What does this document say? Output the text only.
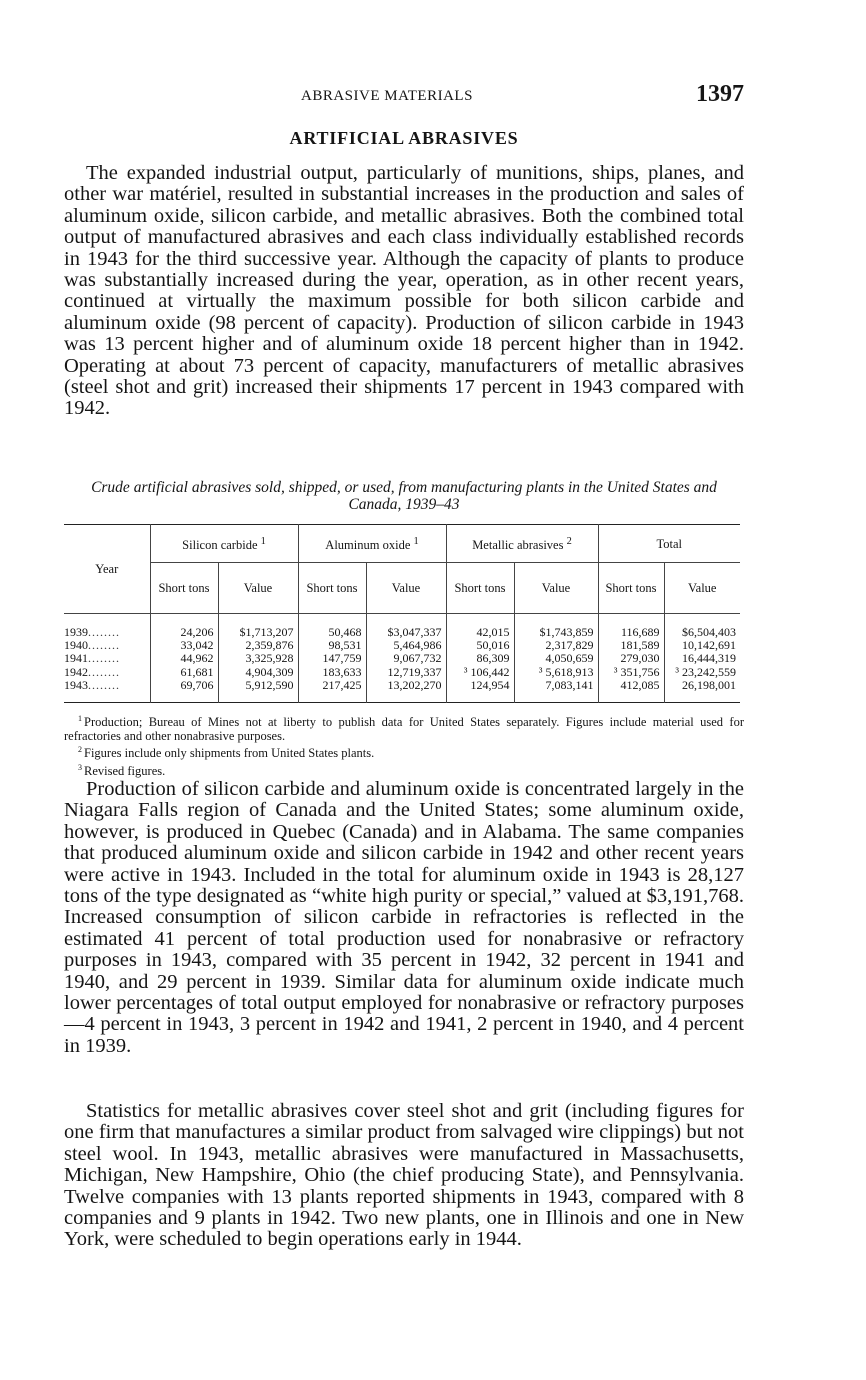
ABRASIVE MATERIALS	1397
ARTIFICIAL ABRASIVES

The expanded industrial output, particularly of munitions, ships, planes, and other war matériel, resulted in substantial increases in the production and sales of aluminum oxide, silicon carbide, and metallic abrasives. Both the combined total output of manufactured abrasives and each class individually established records in 1943 for the third successive year. Although the capacity of plants to produce was substantially increased during the year, operation, as in other recent years, continued at virtually the maximum possible for both silicon carbide and aluminum oxide (98 percent of capacity). Production of silicon carbide in 1943 was 13 percent higher and of aluminum oxide 18 percent higher than in 1942. Operating at about 73 percent of capacity, manufacturers of metallic abrasives (steel shot and grit) increased their shipments 17 percent in 1943 compared with 1942.

Crude artificial abrasives sold, shipped, or used, from manufacturing plants in the United States and Canada, 1939–43
Year	Silicon carbide $^1$		Aluminum oxide $^1$		Metallic abrasives $^2$		Total	
	Short tons	Value	Short tons	Value	Short tons	Value	Short tons	Value

1939 ........	24,206	$1,713,207	50,468	$3,047,337	42,015	$1,743,859	116,689	$6,504,403
1940 ........	33,042	2,359,876	98,531	5,464,986	50,016	2,317,829	181,589	10,142,691
1941 ........	44,962	3,325,928	147,759	9,067,732	86,309	4,050,659	279,030	16,444,319
1942 ........	61,681	4,904,309	183,633	12,719,337	³ 106,442	³ 5,618,913	³ 351,756	³ 23,242,559
1943 ........	69,706	5,912,590	217,425	13,202,270	124,954	7,083,141	412,085	26,198,001
$^1$ Production; Bureau of Mines not at liberty to publish data for United States separately. Figures include material used for refractories and other nonabrasive purposes.
$^2$ Figures include only shipments from United States plants.
$^3$ Revised figures.

Production of silicon carbide and aluminum oxide is concentrated largely in the Niagara Falls region of Canada and the United States; some aluminum oxide, however, is produced in Quebec (Canada) and in Alabama. The same companies that produced aluminum oxide and silicon carbide in 1942 and other recent years were active in 1943. Included in the total for aluminum oxide in 1943 is 28,127 tons of the type designated as “white high purity or special,” valued at $3,191,768. Increased consumption of silicon carbide in refractories is reflected in the estimated 41 percent of total production used for nonabrasive or refractory purposes in 1943, compared with 35 percent in 1942, 32 percent in 1941 and 1940, and 29 percent in 1939. Similar data for aluminum oxide indicate much lower percentages of total output employed for nonabrasive or refractory purposes—4 percent in 1943, 3 percent in 1942 and 1941, 2 percent in 1940, and 4 percent in 1939.

Statistics for metallic abrasives cover steel shot and grit (including figures for one firm that manufactures a similar product from salvaged wire clippings) but not steel wool. In 1943, metallic abrasives were manufactured in Massachusetts, Michigan, New Hampshire, Ohio (the chief producing State), and Pennsylvania. Twelve companies with 13 plants reported shipments in 1943, compared with 8 companies and 9 plants in 1942. Two new plants, one in Illinois and one in New York, were scheduled to begin operations early in 1944.
